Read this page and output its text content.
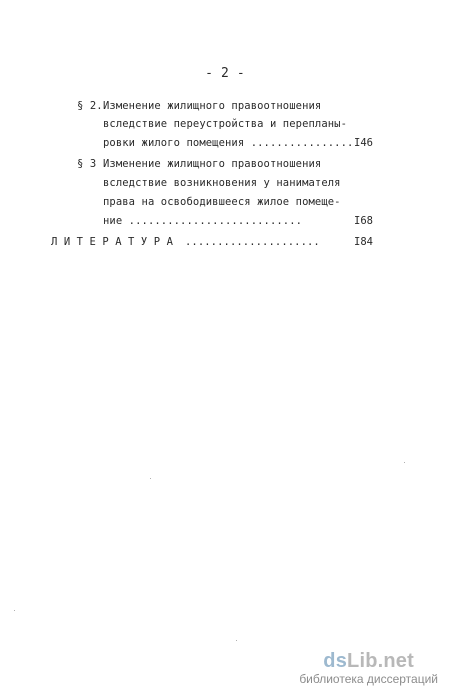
- 2 -
§ 2. Изменение жилищного правоотношения
вследствие переустройства и перепланы-
ровки жилого помещения ................ I46
§ 3 Изменение жилищного правоотношения
вследствие возникновения у нанимателя
права на освободившееся жилое помеще-
ние ...........................	I68
Л И Т Е Р А Т У Р А .....................	I84
dsLib.net
библиотека диссертаций
